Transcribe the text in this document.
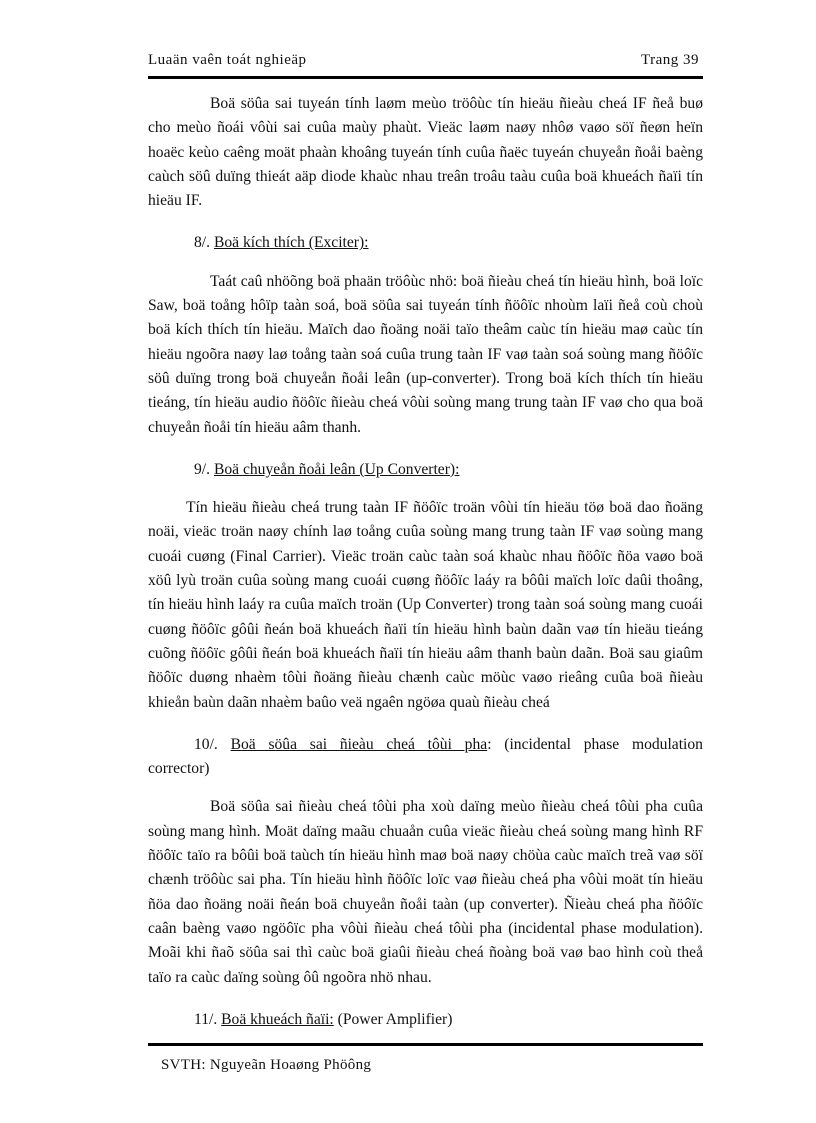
Luaän vaên toát nghieäp	Trang 39

Boä söûa sai tuyeán tính laøm meùo tröôùc tín hieäu ñieàu cheá IF ñeå buø cho meùo ñoái vôùi sai cuûa maùy phaùt. Vieäc laøm naøy nhôø vaøo söï ñeøn heïn hoaëc keùo caêng moät phaàn khoâng tuyeán tính cuûa ñaëc tuyeán chuyeån ñoåi baèng caùch söû duïng thieát aäp diode khaùc nhau treân troâu taàu cuûa boä khueách ñaïi tín hieäu IF.

8/. Boä kích thích (Exciter):

Taát caû nhöõng boä phaän tröôùc nhö: boä ñieàu cheá tín hieäu hình, boä loïc Saw, boä toång hôïp taàn soá, boä söûa sai tuyeán tính ñöôïc nhoùm laïi ñeå coù choù boä kích thích tín hieäu. Maïch dao ñoäng noäi taïo theâm caùc tín hieäu maø caùc tín hieäu ngoõra naøy laø toång taàn soá cuûa trung taàn IF vaø taàn soá soùng mang ñöôïc söû duïng trong boä chuyeån ñoåi leân (up-converter). Trong boä kích thích tín hieäu tieáng, tín hieäu audio ñöôïc ñieàu cheá vôùi soùng mang trung taàn IF vaø cho qua boä chuyeån ñoåi tín hieäu aâm thanh.

9/. Boä chuyeån ñoåi leân (Up Converter):

Tín hieäu ñieàu cheá trung taàn IF ñöôïc troän vôùi tín hieäu töø boä dao ñoäng noäi, vieäc troän naøy chính laø toång cuûa soùng mang trung taàn IF vaø soùng mang cuoái cuøng (Final Carrier). Vieäc troän caùc taàn soá khaùc nhau ñöôïc ñöa vaøo boä xöû lyù troän cuûa soùng mang cuoái cuøng ñöôïc laáy ra bôûi maïch loïc daûi thoâng, tín hieäu hình laáy ra cuûa maïch troän (Up Converter) trong taàn soá soùng mang cuoái cuøng ñöôïc gôûi ñeán boä khueách ñaïi tín hieäu hình baùn daãn vaø tín hieäu tieáng cuõng ñöôïc gôûi ñeán boä khueách ñaïi tín hieäu aâm thanh baùn daãn. Boä sau giaûm ñöôïc duøng nhaèm tôùi ñoäng ñieàu chænh caùc möùc vaøo rieâng cuûa boä ñieàu khieån baùn daãn nhaèm baûo veä ngaên ngöøa quaù ñieàu cheá

10/. Boä söûa sai ñieàu cheá tôùi pha: (incidental phase modulation corrector)

Boä söûa sai ñieàu cheá tôùi pha xoù daïng meùo ñieàu cheá tôùi pha cuûa soùng mang hình. Moät daïng maãu chuaån cuûa vieäc ñieàu cheá soùng mang hình RF ñöôïc taïo ra bôûi boä taùch tín hieäu hình maø boä naøy chöùa caùc maïch treã vaø söï chænh tröôùc sai pha. Tín hieäu hình ñöôïc loïc vaø ñieàu cheá pha vôùi moät tín hieäu ñöa dao ñoäng noäi ñeán boä chuyeån ñoåi taàn (up converter). Ñieàu cheá pha ñöôïc caân baèng vaøo ngöôïc pha vôùi ñieàu cheá tôùi pha (incidental phase modulation). Moãi khi ñaõ söûa sai thì caùc boä giaûi ñieàu cheá ñoàng boä vaø bao hình coù theå taïo ra caùc daïng soùng ôû ngoõra nhö nhau.

11/. Boä khueách ñaïi: (Power Amplifier)

SVTH: Nguyeãn Hoaøng Phöông
